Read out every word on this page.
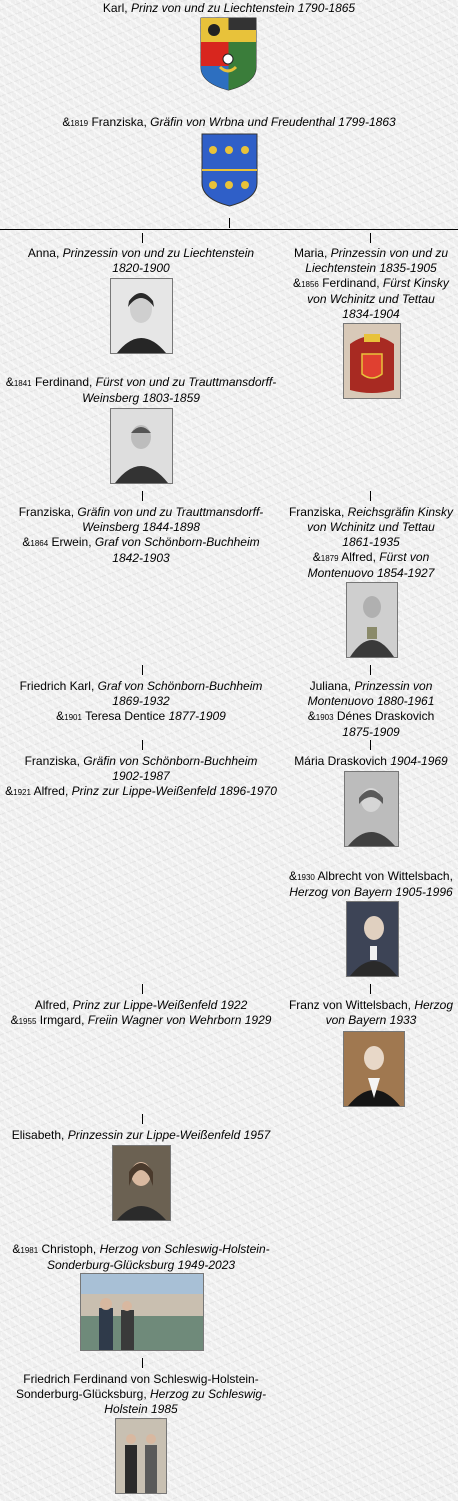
Karl, Prinz von und zu Liechtenstein 1790-1865
&1819 Franziska, Gräfin von Wrbna und Freudenthal 1799-1863
Anna, Prinzessin von und zu Liechtenstein
1820-1900
&1841 Ferdinand, Fürst von und zu Trauttmansdorff-
Weinsberg 1803-1859
Franziska, Gräfin von und zu Trauttmansdorff-
Weinsberg 1844-1898
&1864 Erwein, Graf von Schönborn-Buchheim
1842-1903
Friedrich Karl, Graf von Schönborn-Buchheim
1869-1932
&1901 Teresa Dentice 1877-1909
Franziska, Gräfin von Schönborn-Buchheim
1902-1987
&1921 Alfred, Prinz zur Lippe-Weißenfeld 1896-1970
Alfred, Prinz zur Lippe-Weißenfeld 1922
&1955 Irmgard, Freiin Wagner von Wehrborn 1929
Elisabeth, Prinzessin zur Lippe-Weißenfeld 1957
&1981 Christoph, Herzog von Schleswig-Holstein-
Sonderburg-Glücksburg 1949-2023
Friedrich Ferdinand von Schleswig-Holstein-
Sonderburg-Glücksburg, Herzog zu Schleswig-
Holstein 1985
Maria, Prinzessin von und zu
Liechtenstein 1835-1905
&1856 Ferdinand, Fürst Kinsky
von Wchinitz und Tettau
1834-1904
Franziska, Reichsgräfin Kinsky
von Wchinitz und Tettau
1861-1935
&1879 Alfred, Fürst von
Montenuovo 1854-1927
Juliana, Prinzessin von
Montenuovo 1880-1961
&1903 Dénes Draskovich
1875-1909
Mária Draskovich 1904-1969
&1930 Albrecht von Wittelsbach,
Herzog von Bayern 1905-1996
Franz von Wittelsbach, Herzog
von Bayern 1933
